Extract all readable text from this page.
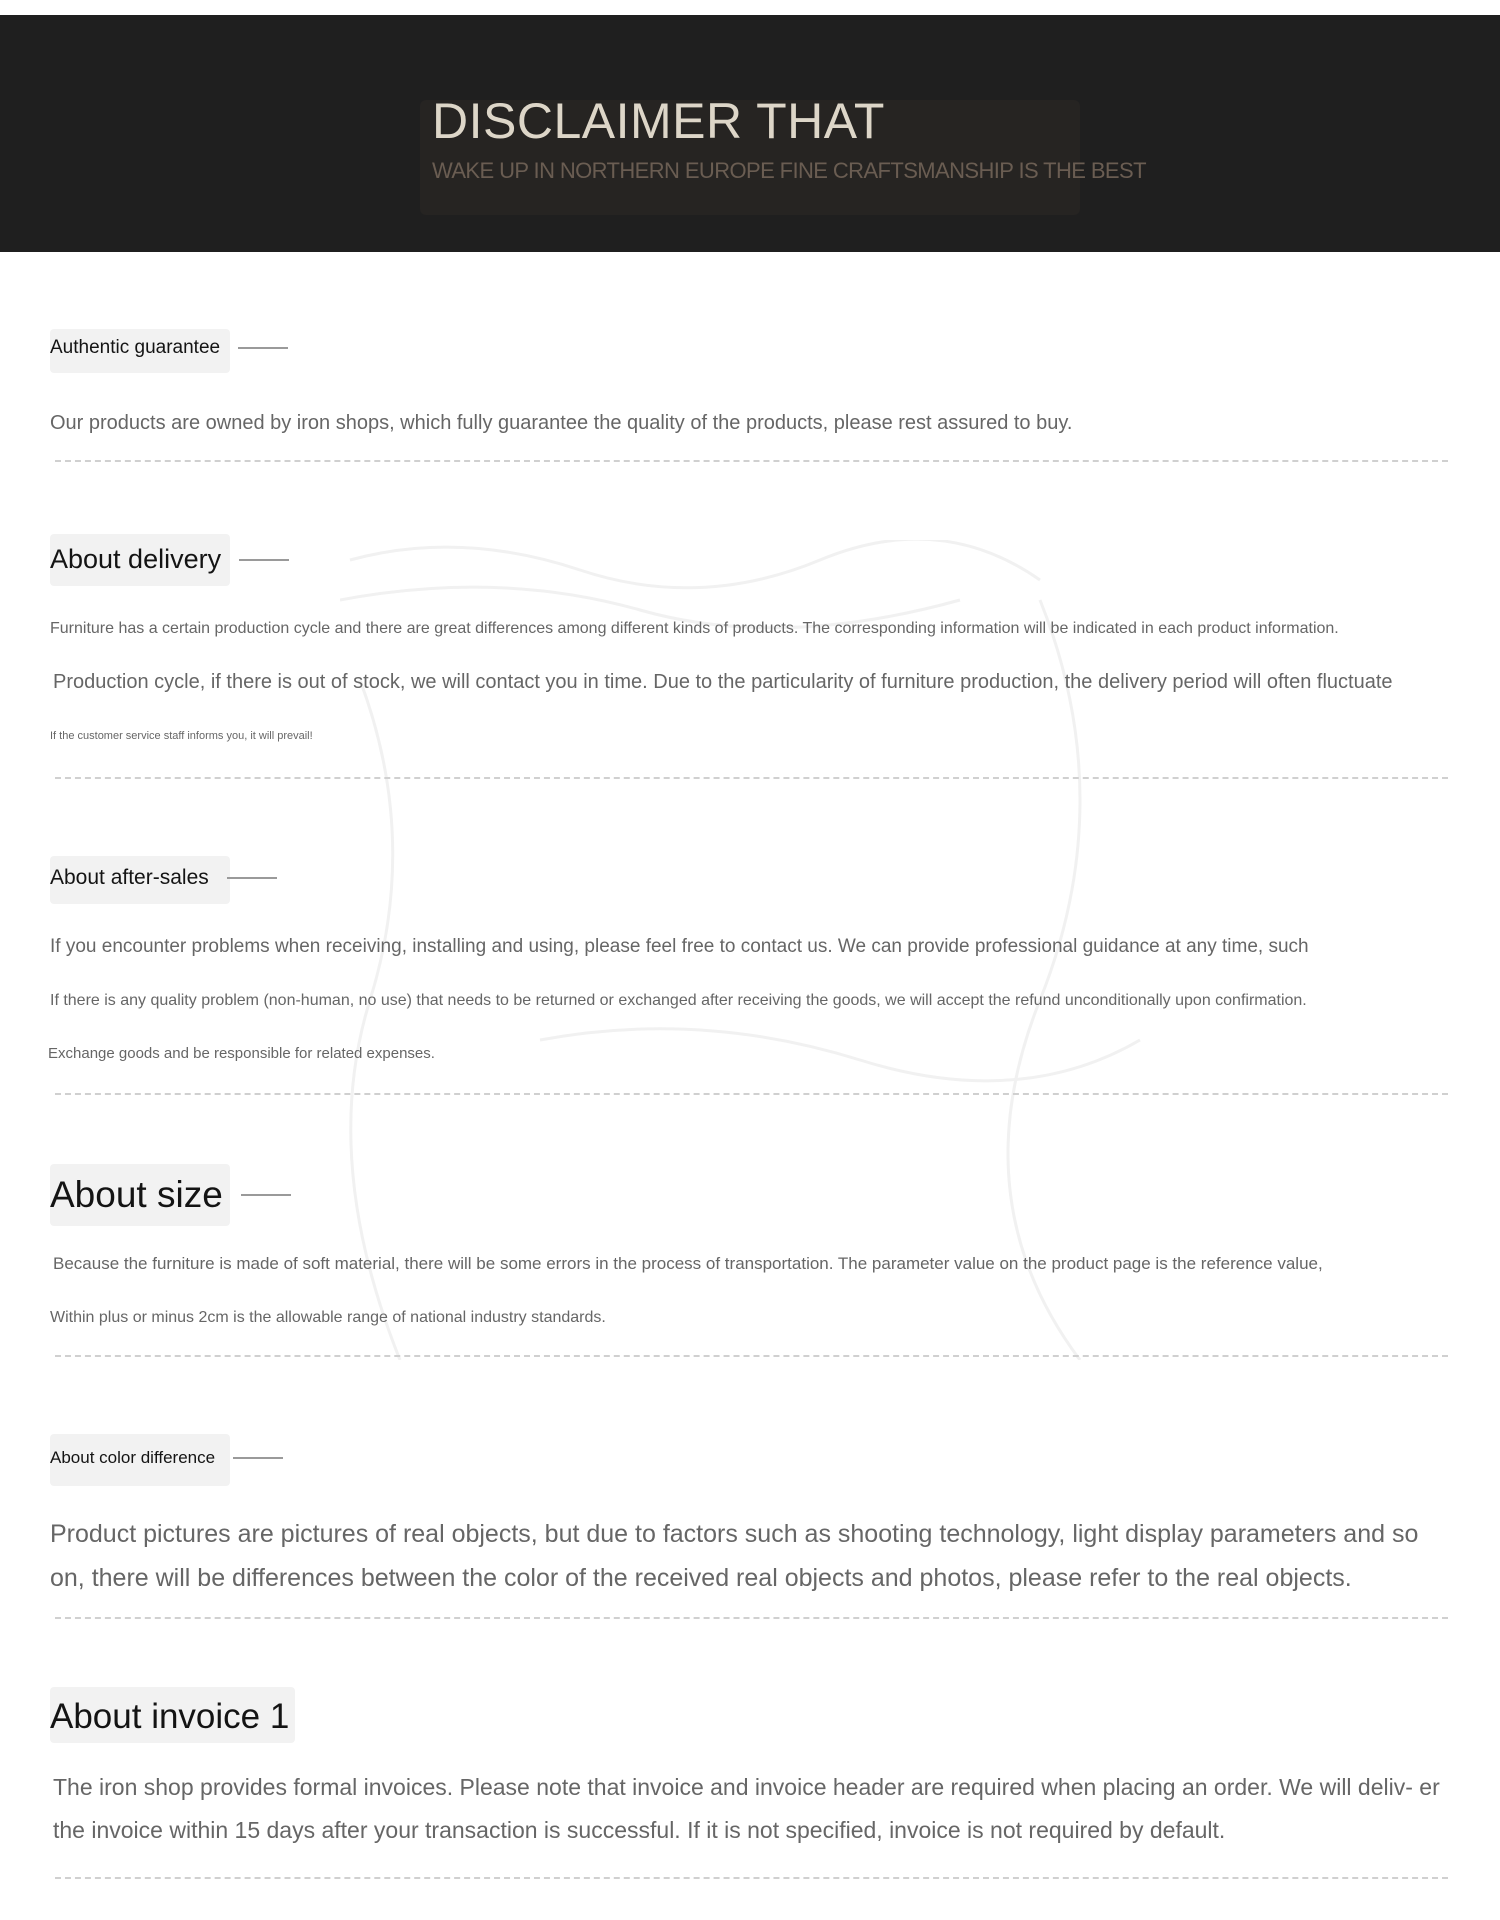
DISCLAIMER THAT
WAKE UP IN NORTHERN EUROPE FINE CRAFTSMANSHIP IS THE BEST
Authentic guarantee
Our products are owned by iron shops, which fully guarantee the quality of the products, please rest assured to buy.
About delivery
Furniture has a certain production cycle and there are great differences among different kinds of products. The corresponding information will be indicated in each product information.
Production cycle, if there is out of stock, we will contact you in time. Due to the particularity of furniture production, the delivery period will often fluctuate
If the customer service staff informs you, it will prevail!
About after-sales
If you encounter problems when receiving, installing and using, please feel free to contact us. We can provide professional guidance at any time, such
If there is any quality problem (non-human, no use) that needs to be returned or exchanged after receiving the goods, we will accept the refund unconditionally upon confirmation.
Exchange goods and be responsible for related expenses.
About size
Because the furniture is made of soft material, there will be some errors in the process of transportation. The parameter value on the product page is the reference value,
Within plus or minus 2cm is the allowable range of national industry standards.
About color difference
Product pictures are pictures of real objects, but due to factors such as shooting technology, light display parameters and so on, there will be differences between the color of the received real objects and photos, please refer to the real objects.
About invoice 1
The iron shop provides formal invoices. Please note that invoice and invoice header are required when placing an order. We will deliv- er the invoice within 15 days after your transaction is successful. If it is not specified, invoice is not required by default.
